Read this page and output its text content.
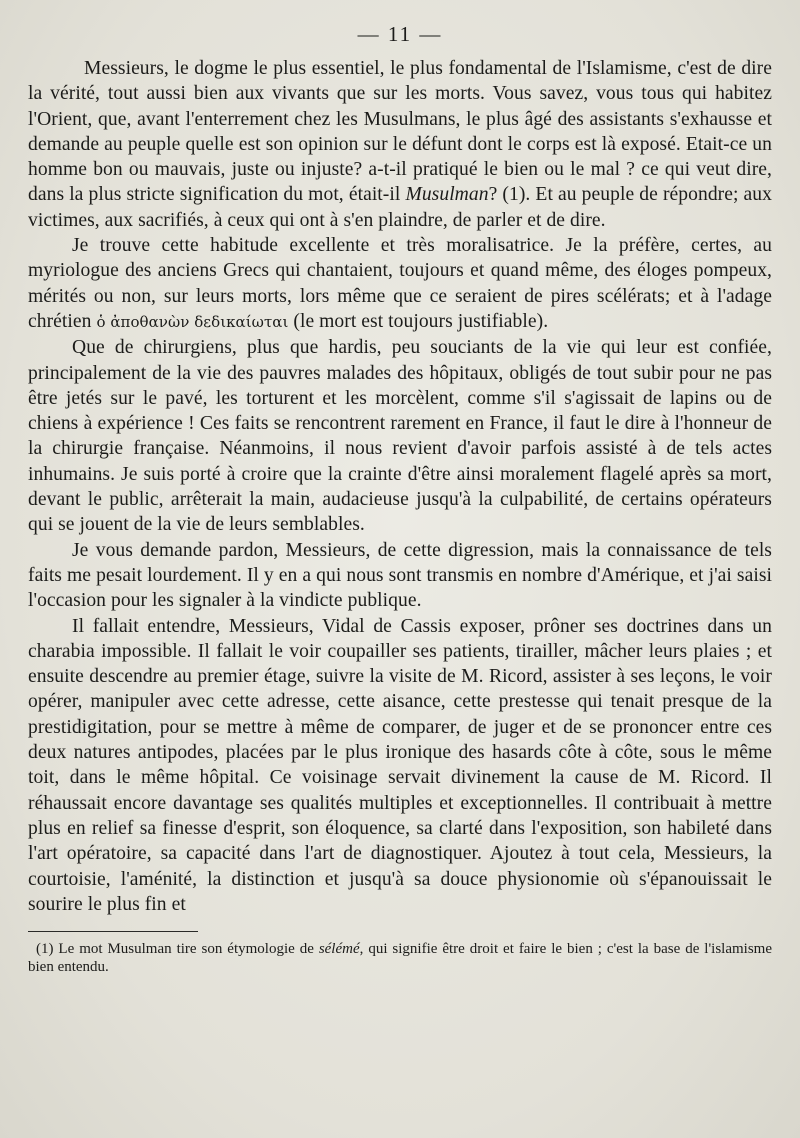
— 11 —

Messieurs, le dogme le plus essentiel, le plus fondamental de l'Islamisme, c'est de dire la vérité, tout aussi bien aux vivants que sur les morts. Vous savez, vous tous qui habitez l'Orient, que, avant l'enterrement chez les Musulmans, le plus âgé des assistants s'exhausse et demande au peuple quelle est son opinion sur le défunt dont le corps est là exposé. Etait-ce un homme bon ou mauvais, juste ou injuste? a-t-il pratiqué le bien ou le mal ? ce qui veut dire, dans la plus stricte signification du mot, était-il Musulman? (1). Et au peuple de répondre; aux victimes, aux sacrifiés, à ceux qui ont à s'en plaindre, de parler et de dire.

Je trouve cette habitude excellente et très moralisatrice. Je la préfère, certes, au myriologue des anciens Grecs qui chantaient, toujours et quand même, des éloges pompeux, mérités ou non, sur leurs morts, lors même que ce seraient de pires scélérats; et à l'adage chrétien ὁ ἀποθανὼν δεδικαίωται (le mort est toujours justifiable).

Que de chirurgiens, plus que hardis, peu souciants de la vie qui leur est confiée, principalement de la vie des pauvres malades des hôpitaux, obligés de tout subir pour ne pas être jetés sur le pavé, les torturent et les morcèlent, comme s'il s'agissait de lapins ou de chiens à expérience ! Ces faits se rencontrent rarement en France, il faut le dire à l'honneur de la chirurgie française. Néanmoins, il nous revient d'avoir parfois assisté à de tels actes inhumains. Je suis porté à croire que la crainte d'être ainsi moralement flagelé après sa mort, devant le public, arrêterait la main, audacieuse jusqu'à la culpabilité, de certains opérateurs qui se jouent de la vie de leurs semblables.

Je vous demande pardon, Messieurs, de cette digression, mais la connaissance de tels faits me pesait lourdement. Il y en a qui nous sont transmis en nombre d'Amérique, et j'ai saisi l'occasion pour les signaler à la vindicte publique.

Il fallait entendre, Messieurs, Vidal de Cassis exposer, prôner ses doctrines dans un charabia impossible. Il fallait le voir coupailler ses patients, tirailler, mâcher leurs plaies ; et ensuite descendre au premier étage, suivre la visite de M. Ricord, assister à ses leçons, le voir opérer, manipuler avec cette adresse, cette aisance, cette prestesse qui tenait presque de la prestidigitation, pour se mettre à même de comparer, de juger et de se prononcer entre ces deux natures antipodes, placées par le plus ironique des hasards côte à côte, sous le même toit, dans le même hôpital. Ce voisinage servait divinement la cause de M. Ricord. Il réhaussait encore davantage ses qualités multiples et exceptionnelles. Il contribuait à mettre plus en relief sa finesse d'esprit, son éloquence, sa clarté dans l'exposition, son habileté dans l'art opératoire, sa capacité dans l'art de diagnostiquer. Ajoutez à tout cela, Messieurs, la courtoisie, l'aménité, la distinction et jusqu'à sa douce physionomie où s'épanouissait le sourire le plus fin et

(1) Le mot Musulman tire son étymologie de sélémé, qui signifie être droit et faire le bien ; c'est la base de l'islamisme bien entendu.
